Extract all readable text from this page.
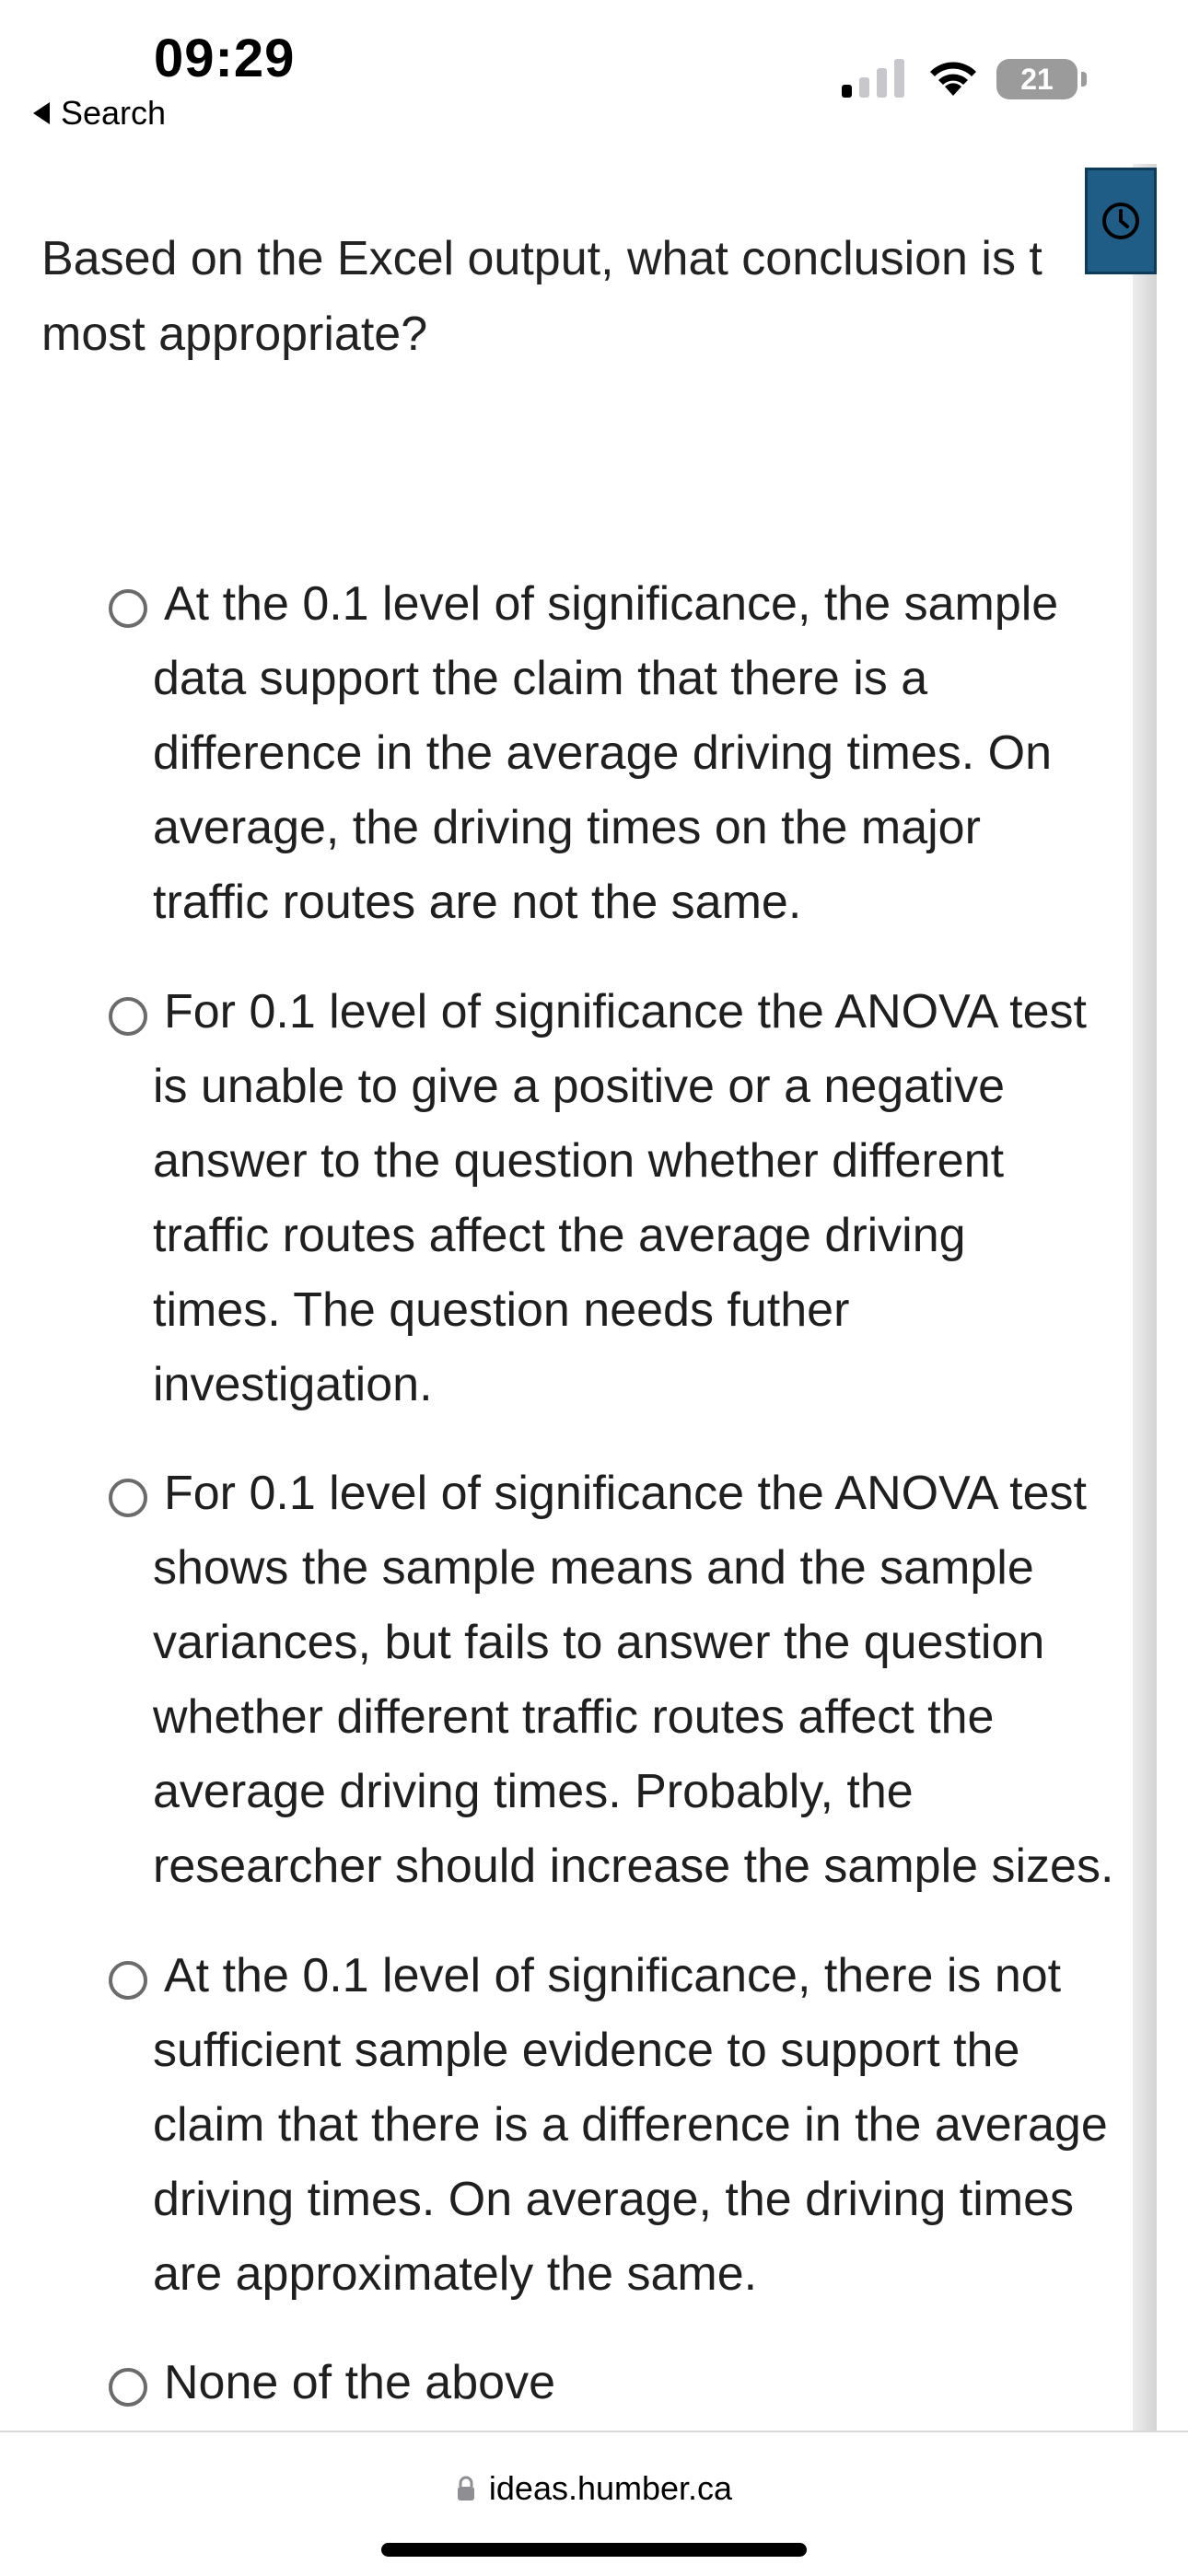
09:29
Search
21
Based on the Excel output, what conclusion is t
most appropriate?
At the 0.1 level of significance, the sample
data support the claim that there is a
difference in the average driving times. On
average, the driving times on the major
traffic routes are not the same.
For 0.1 level of significance the ANOVA test
is unable to give a positive or a negative
answer to the question whether different
traffic routes affect the average driving
times. The question needs futher
investigation.
For 0.1 level of significance the ANOVA test
shows the sample means and the sample
variances, but fails to answer the question
whether different traffic routes affect the
average driving times. Probably, the
researcher should increase the sample sizes.
At the 0.1 level of significance, there is not
sufficient sample evidence to support the
claim that there is a difference in the average
driving times. On average, the driving times
are approximately the same.
None of the above
ideas.humber.ca
